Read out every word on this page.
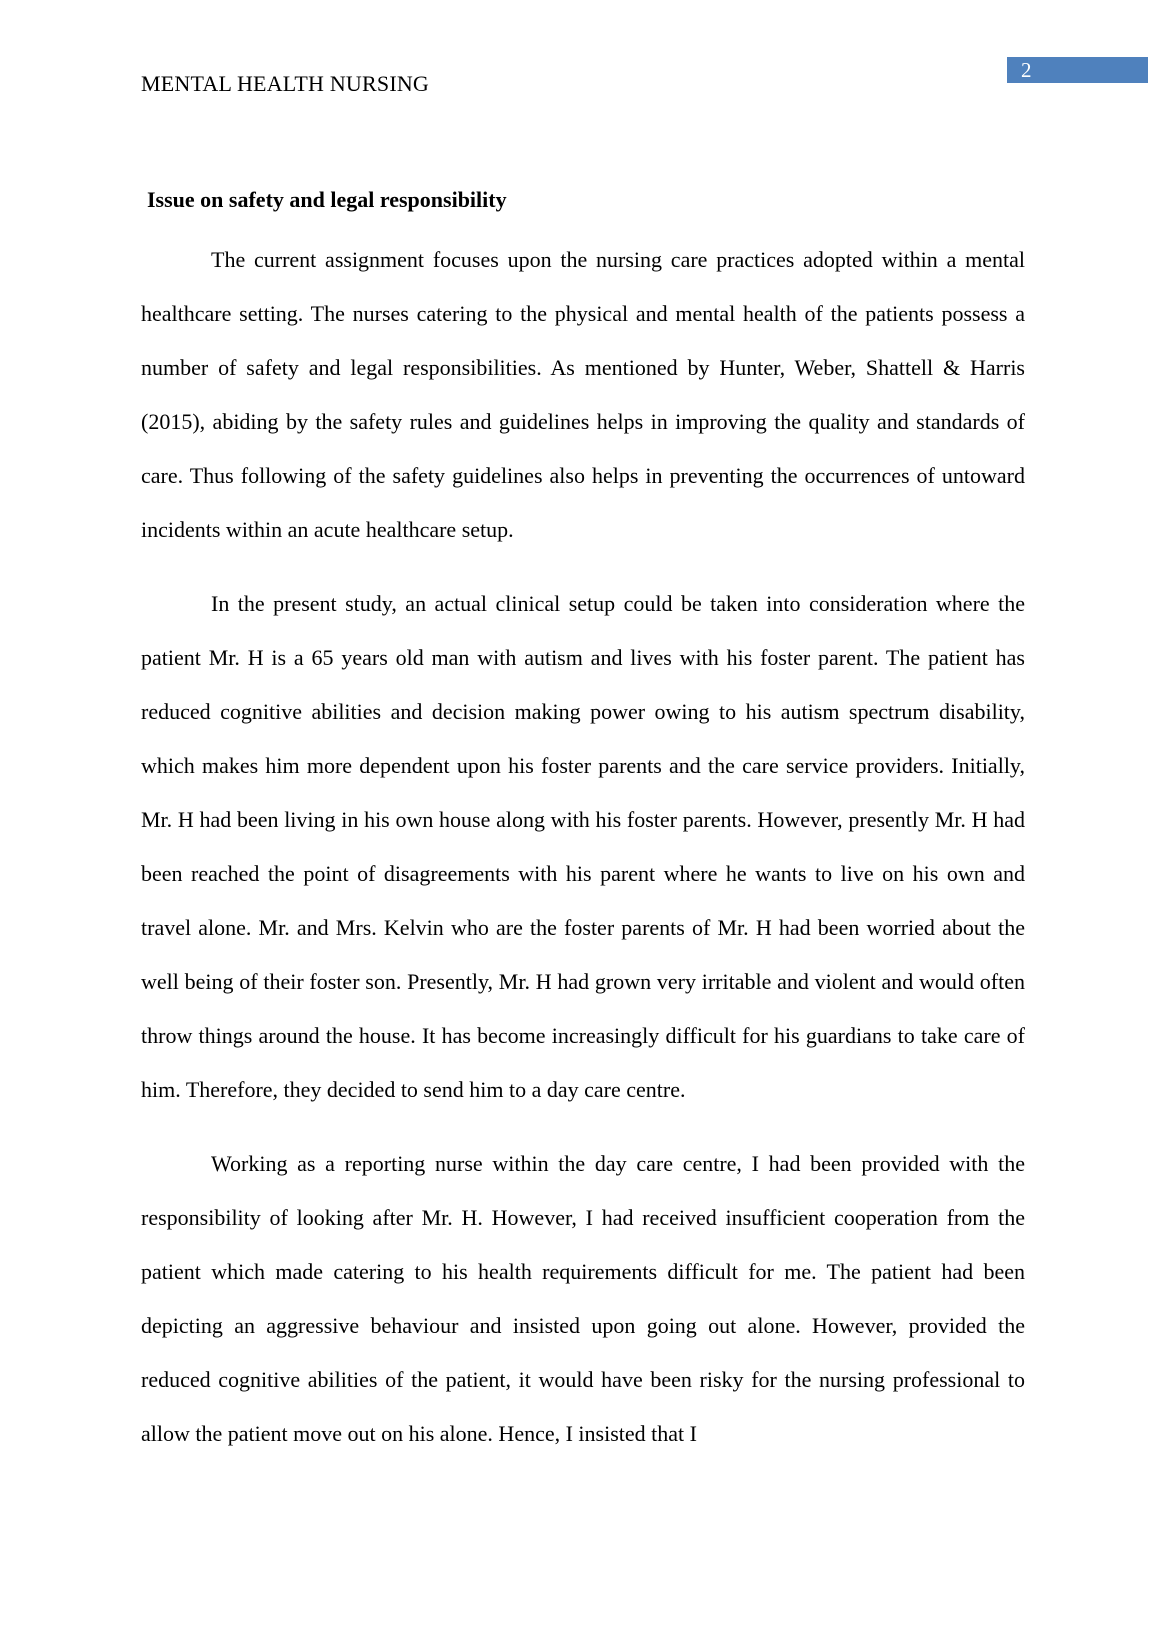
2
MENTAL HEALTH NURSING
Issue on safety and legal responsibility

The current assignment focuses upon the nursing care practices adopted within a mental healthcare setting. The nurses catering to the physical and mental health of the patients possess a number of safety and legal responsibilities. As mentioned by Hunter, Weber, Shattell & Harris (2015), abiding by the safety rules and guidelines helps in improving the quality and standards of care. Thus following of the safety guidelines also helps in preventing the occurrences of untoward incidents within an acute healthcare setup.

In the present study, an actual clinical setup could be taken into consideration where the patient Mr. H is a 65 years old man with autism and lives with his foster parent. The patient has reduced cognitive abilities and decision making power owing to his autism spectrum disability, which makes him more dependent upon his foster parents and the care service providers. Initially, Mr. H had been living in his own house along with his foster parents. However, presently Mr. H had been reached the point of disagreements with his parent where he wants to live on his own and travel alone. Mr. and Mrs. Kelvin who are the foster parents of Mr. H had been worried about the well being of their foster son. Presently, Mr. H had grown very irritable and violent and would often throw things around the house. It has become increasingly difficult for his guardians to take care of him. Therefore, they decided to send him to a day care centre.

Working as a reporting nurse within the day care centre, I had been provided with the responsibility of looking after Mr. H. However, I had received insufficient cooperation from the patient which made catering to his health requirements difficult for me. The patient had been depicting an aggressive behaviour and insisted upon going out alone. However, provided the reduced cognitive abilities of the patient, it would have been risky for the nursing professional to allow the patient move out on his alone. Hence, I insisted that I
